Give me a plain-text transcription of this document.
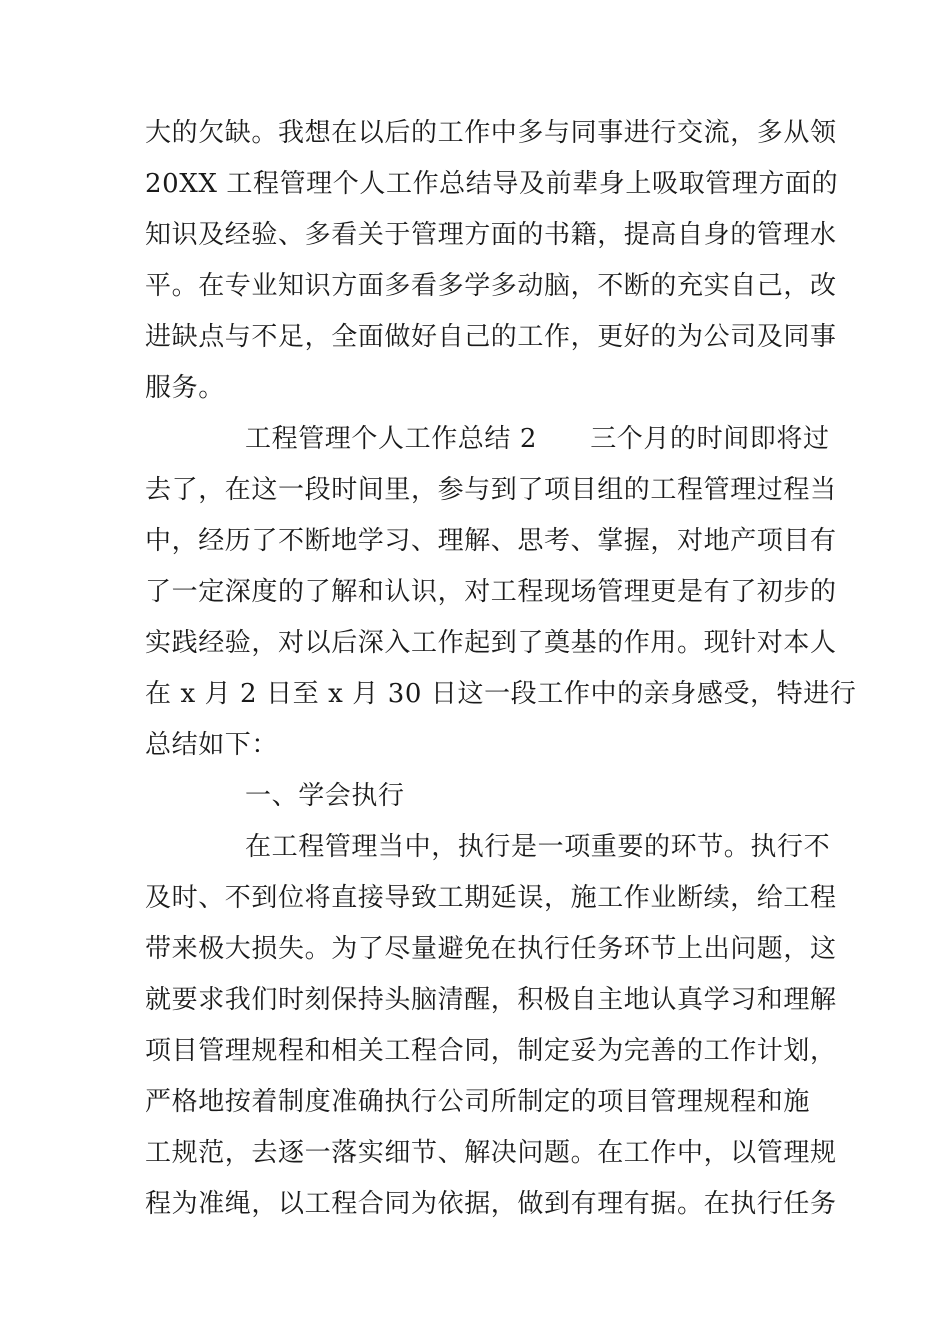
大的欠缺。我想在以后的工作中多与同事进行交流，多从领
20XX 工程管理个人工作总结导及前辈身上吸取管理方面的
知识及经验、多看关于管理方面的书籍，提高自身的管理水
平。在专业知识方面多看多学多动脑，不断的充实自己，改
进缺点与不足，全面做好自己的工作，更好的为公司及同事
服务。
工程管理个人工作总结 2　　三个月的时间即将过
去了，在这一段时间里，参与到了项目组的工程管理过程当
中，经历了不断地学习、理解、思考、掌握，对地产项目有
了一定深度的了解和认识，对工程现场管理更是有了初步的
实践经验，对以后深入工作起到了奠基的作用。现针对本人
在 x 月 2 日至 x 月 30 日这一段工作中的亲身感受，特进行
总结如下：
一、学会执行
在工程管理当中，执行是一项重要的环节。执行不
及时、不到位将直接导致工期延误，施工作业断续，给工程
带来极大损失。为了尽量避免在执行任务环节上出问题，这
就要求我们时刻保持头脑清醒，积极自主地认真学习和理解
项目管理规程和相关工程合同，制定妥为完善的工作计划，
严格地按着制度准确执行公司所制定的项目管理规程和施
工规范，去逐一落实细节、解决问题。在工作中，以管理规
程为准绳，以工程合同为依据，做到有理有据。在执行任务
